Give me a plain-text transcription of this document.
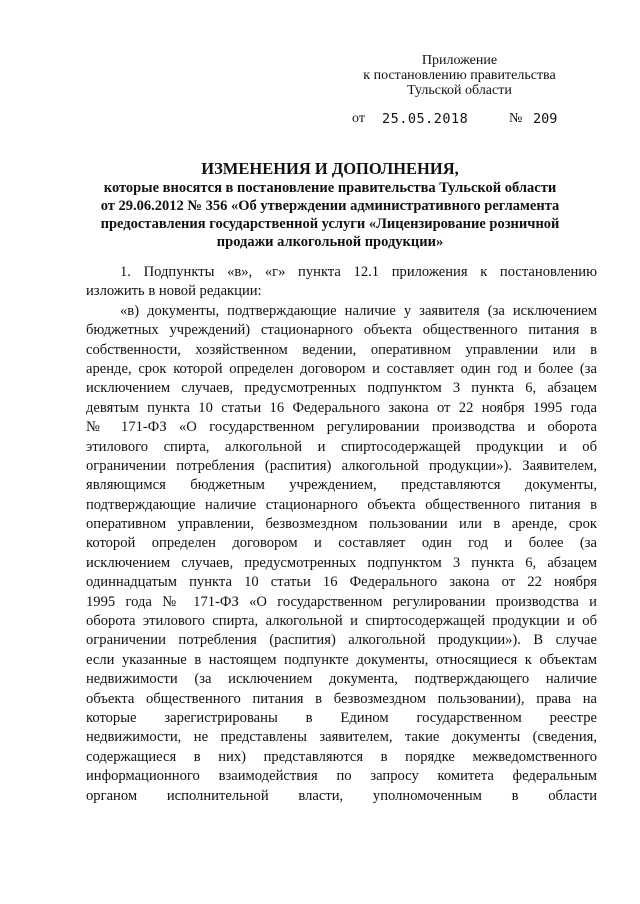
Приложение
к постановлению правительства
Тульской области
от 25.05.2018	№ 209
ИЗМЕНЕНИЯ И ДОПОЛНЕНИЯ,
которые вносятся в постановление правительства Тульской области
от 29.06.2012 № 356 «Об утверждении административного регламента
предоставления государственной услуги «Лицензирование розничной
продажи алкогольной продукции»
1. Подпункты «в», «г» пункта 12.1 приложения к постановлению
изложить в новой редакции:
«в) документы, подтверждающие наличие у заявителя (за исключением
бюджетных учреждений) стационарного объекта общественного питания в
собственности, хозяйственном ведении, оперативном управлении или в
аренде, срок которой определен договором и составляет один год и более (за
исключением случаев, предусмотренных подпунктом 3 пункта 6, абзацем
девятым пункта 10 статьи 16 Федерального закона от 22 ноября 1995 года
№ 171-ФЗ «О государственном регулировании производства и оборота
этилового спирта, алкогольной и спиртосодержащей продукции и об
ограничении потребления (распития) алкогольной продукции»). Заявителем,
являющимся бюджетным учреждением, представляются документы,
подтверждающие наличие стационарного объекта общественного питания в
оперативном управлении, безвозмездном пользовании или в аренде, срок
которой определен договором и составляет один год и более (за
исключением случаев, предусмотренных подпунктом 3 пункта 6, абзацем
одиннадцатым пункта 10 статьи 16 Федерального закона от 22 ноября
1995 года № 171-ФЗ «О государственном регулировании производства и
оборота этилового спирта, алкогольной и спиртосодержащей продукции и об
ограничении потребления (распития) алкогольной продукции»). В случае
если указанные в настоящем подпункте документы, относящиеся к объектам
недвижимости (за исключением документа, подтверждающего наличие
объекта общественного питания в безвозмездном пользовании), права на
которые зарегистрированы в Едином государственном реестре
недвижимости, не представлены заявителем, такие документы (сведения,
содержащиеся в них) представляются в порядке межведомственного
информационного взаимодействия по запросу комитета федеральным
органом исполнительной власти, уполномоченным в области
